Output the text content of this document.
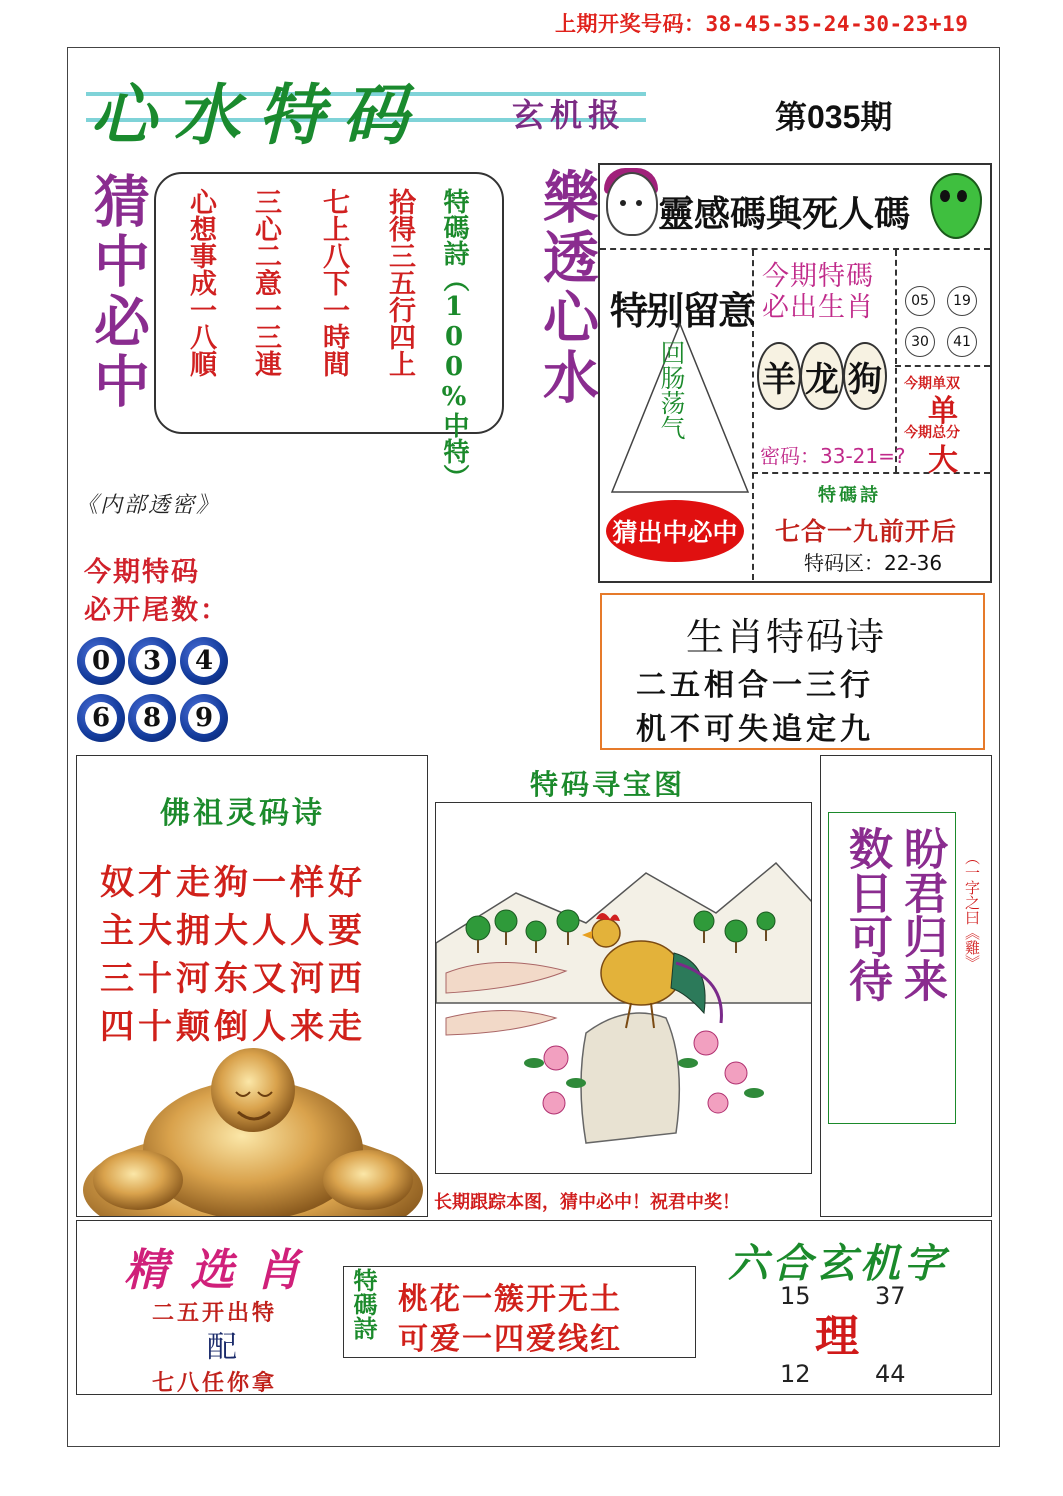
上期开奖号码：38-45-35-24-30-23+19
心水特码	玄机报	第035期
猜中必中	樂透心水
心想事成一八順 三心二意一三連 七上八下一時間 拾得三五行四上 特碼詩（100%中特）	靈感碼與死人碼
特别留意
回肠荡气
猜出中必中
今期特碼
必出生肖
羊 龙 狗
密码：33-21=?
05	19
30	41
今期单双
单
今期总分
大
特碼詩
七合一九前开后
特码区：22-36
生肖特码诗
二五相合一三行
机不可失追定九
《内部透密》
今期特码
必开尾数：
0 3 4
6 8 9
佛祖灵码诗
奴才走狗一样好
主大拥大人人要
三十河东又河西
四十颠倒人来走
特码寻宝图
长期跟踪本图，猜中必中！祝君中奖！
盼君归来
数日可待	（一字之曰《雞》
精选肖
二五开出特
配
七八任你拿
特碼詩 桃花一簇开无土
可爱一四爱线红
六合玄机字
15	37
理
12	44
